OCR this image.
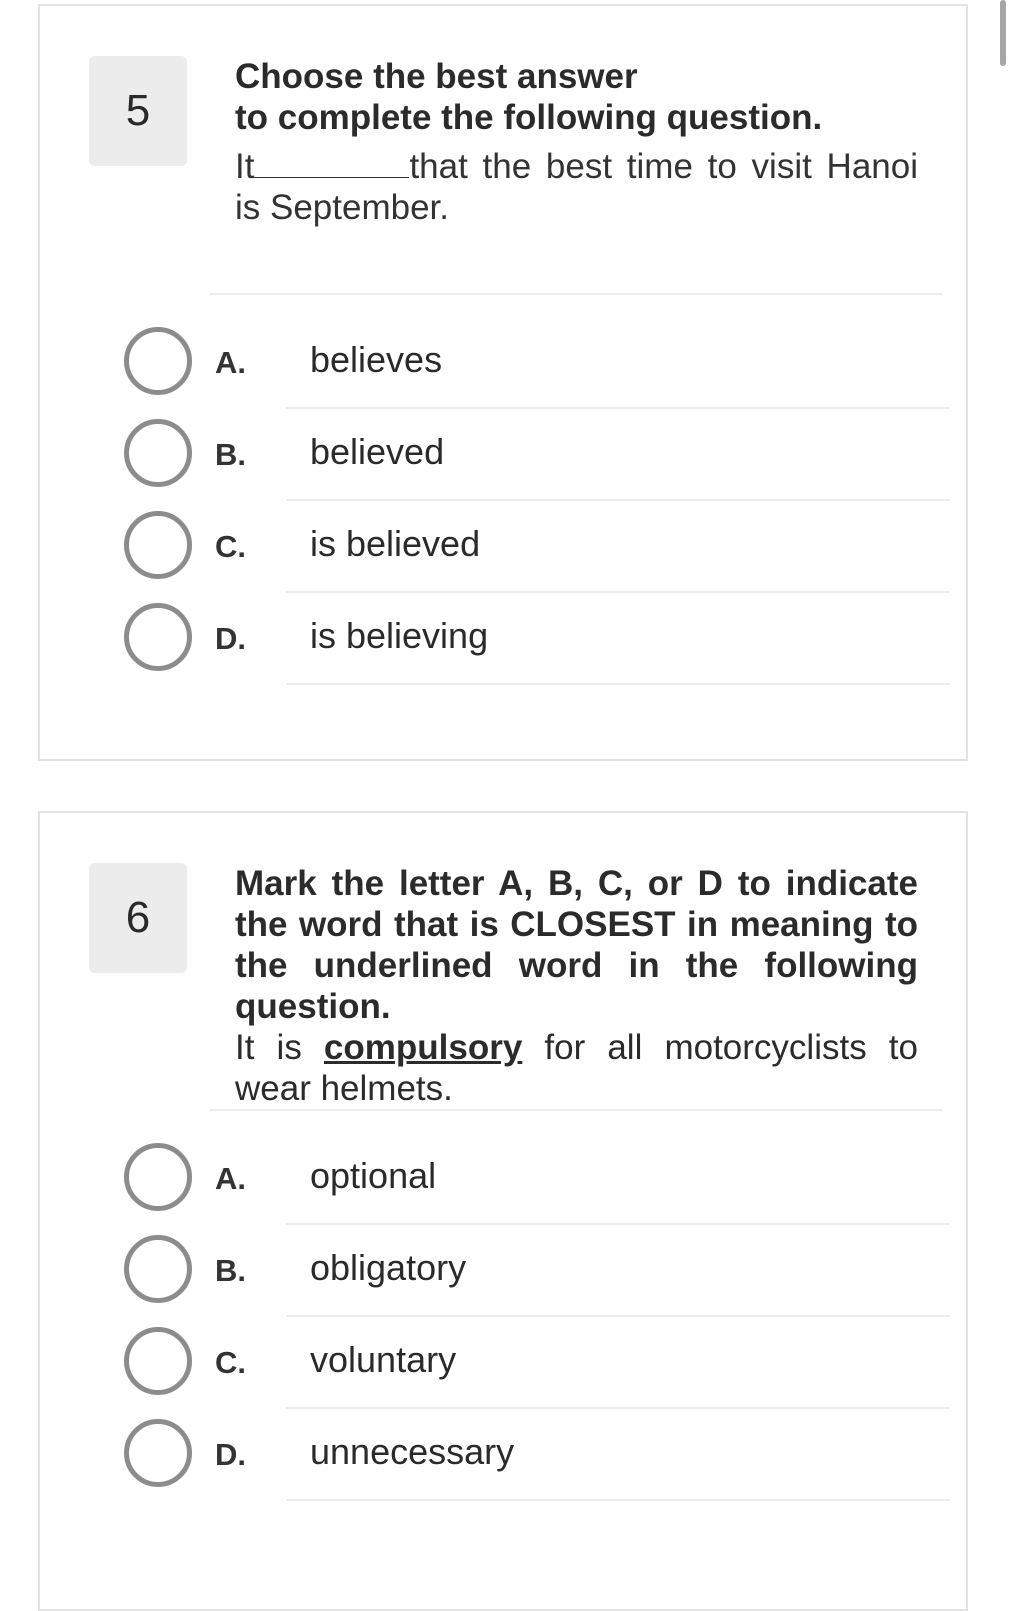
5
Choose the best answer
to complete the following question.
It	that the best time to visit Hanoi is September.
A. believes
B. believed
C. is believed
D. is believing
6
Mark the letter A, B, C, or D to indicate the word that is CLOSEST in meaning to the underlined word in the following question.
It is compulsory for all motorcyclists to wear helmets.
A. optional
B. obligatory
C. voluntary
D. unnecessary
